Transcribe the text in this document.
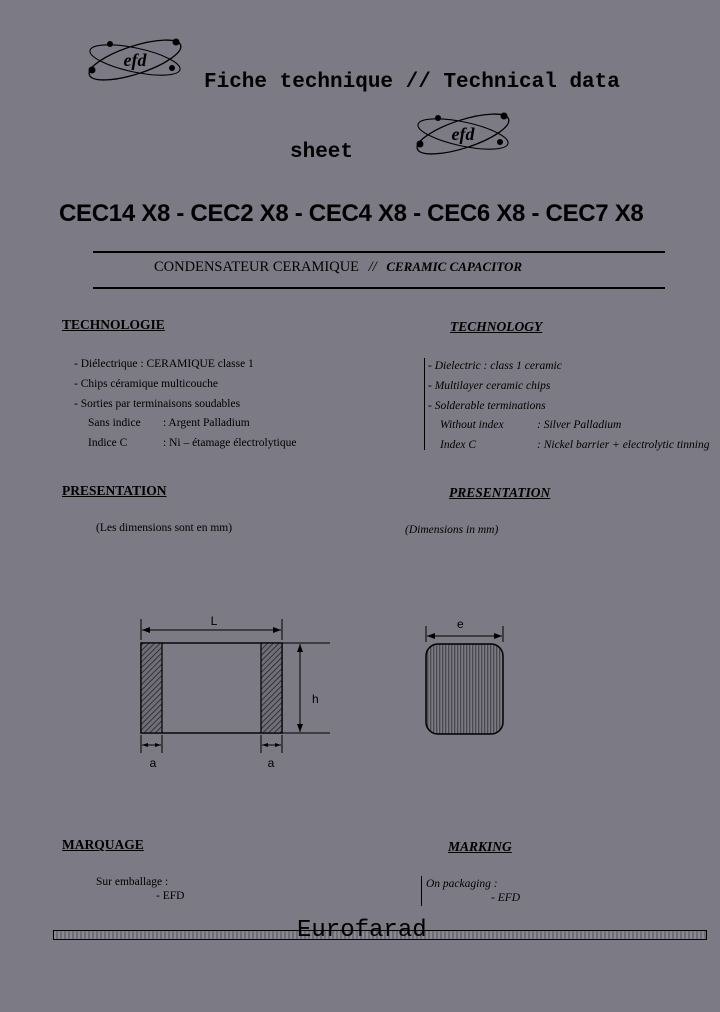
efd
Fiche technique // Technical data
sheet
efd
CEC14 X8 - CEC2 X8 - CEC4 X8 - CEC6 X8 - CEC7 X8
CONDENSATEUR CERAMIQUE // CERAMIC CAPACITOR
TECHNOLOGIE	TECHNOLOGY
- Diélectrique : CERAMIQUE classe 1
- Chips céramique multicouche
- Sorties par terminaisons soudables
Sans indice : Argent Palladium
Indice C	: Ni – étamage électrolytique
- Dielectric : class 1 ceramic
- Multilayer ceramic chips
- Solderable terminations
Without index	: Silver Palladium
Index C	: Nickel barrier + electrolytic tinning
PRESENTATION	PRESENTATION
(Les dimensions sont en mm)	(Dimensions in mm)
L
h
a	a
e
MARQUAGE	MARKING
Sur emballage :
- EFD
On packaging :
- EFD
Eurofarad
